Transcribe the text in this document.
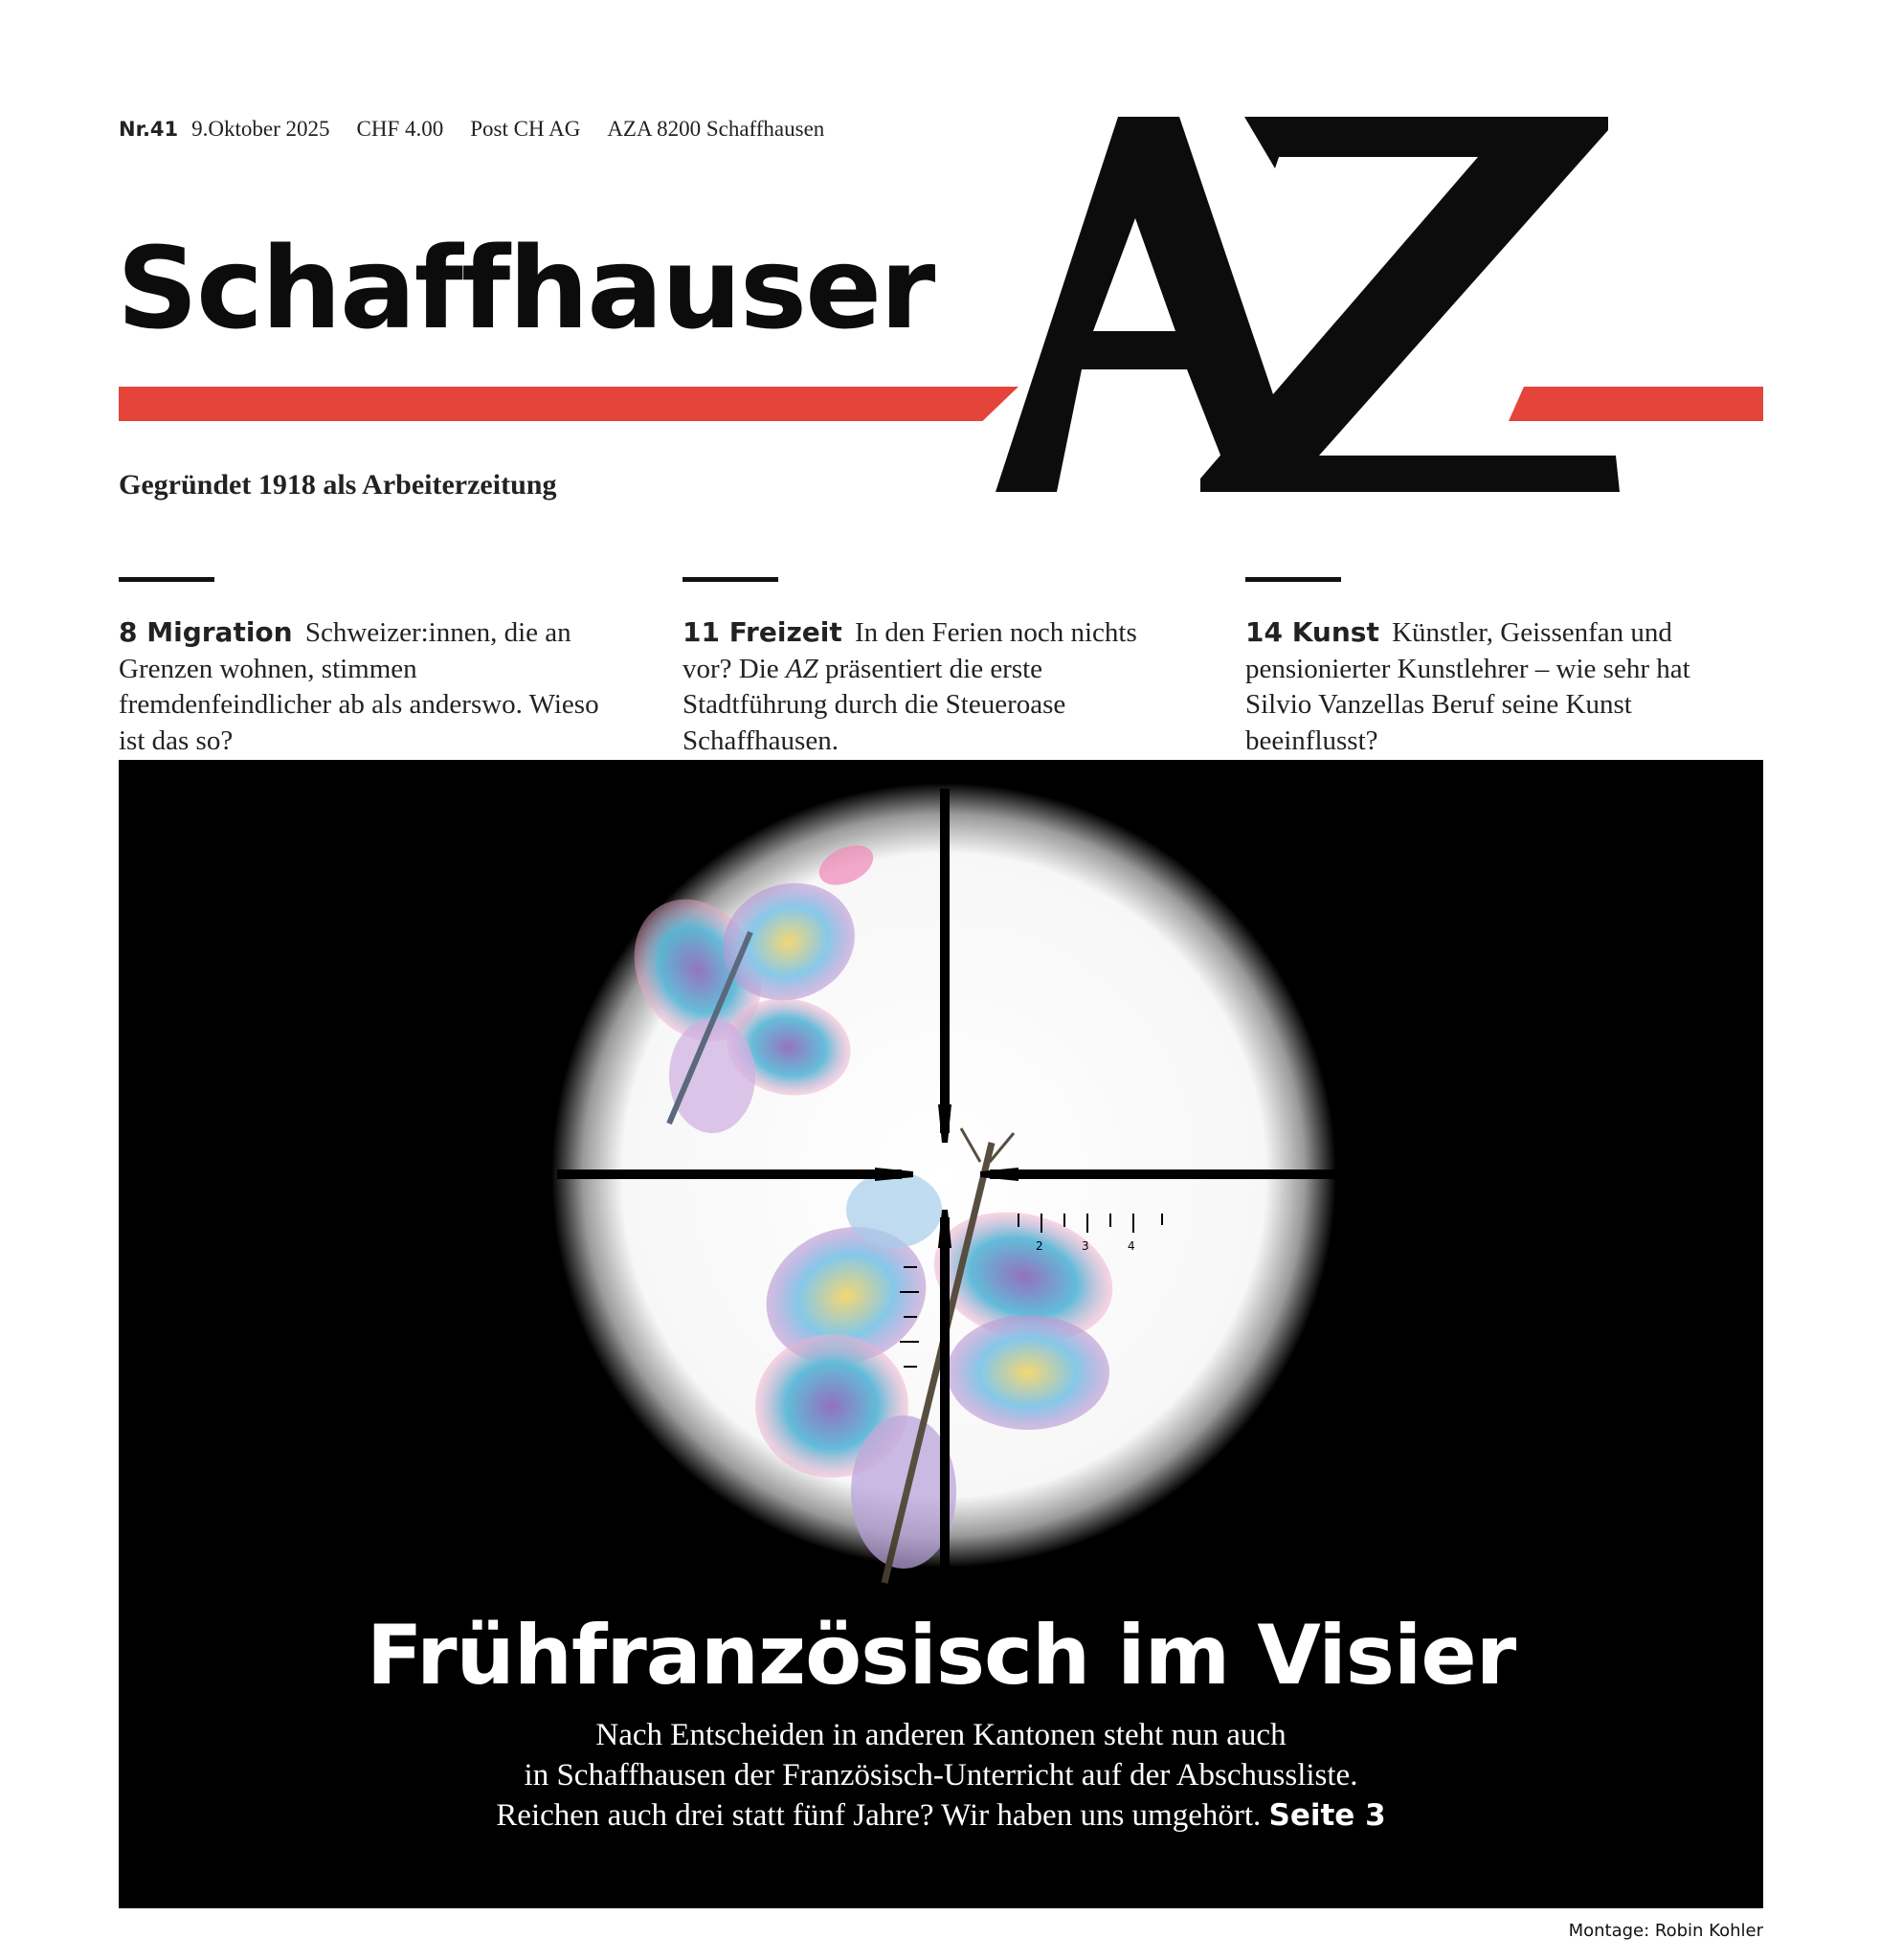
Nr.41 9.Oktober 2025 CHF 4.00 Post CH AG AZA 8200 Schaffhausen
Schaffhauser
Gegründet 1918 als Arbeiterzeitung

8 Migration Schweizer:innen, die an Grenzen wohnen, stimmen fremdenfeindlicher ab als anderswo. Wieso ist das so?

11 Freizeit In den Ferien noch nichts vor? Die AZ präsentiert die erste Stadtführung durch die Steueroase Schaffhausen.

14 Kunst Künstler, Geissenfan und pensionierter Kunstlehrer – wie sehr hat Silvio Vanzellas Beruf seine Kunst beeinflusst?

2	3	4
Frühfranzösisch im Visier
Nach Entscheiden in anderen Kantonen steht nun auch
in Schaffhausen der Französisch-Unterricht auf der Abschussliste.
Reichen auch drei statt fünf Jahre? Wir haben uns umgehört. Seite 3
Montage: Robin Kohler
